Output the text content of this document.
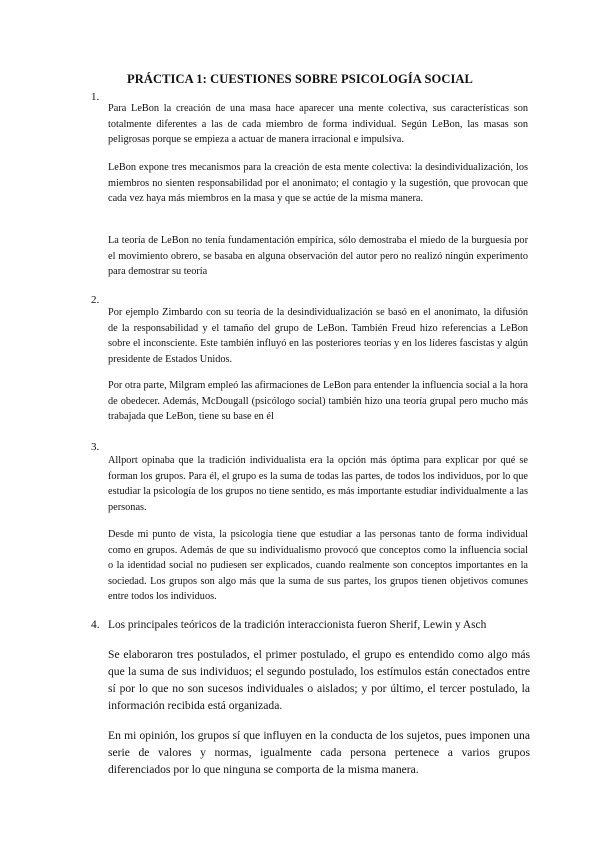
PRÁCTICA 1: CUESTIONES SOBRE PSICOLOGÍA SOCIAL
1.
Para LeBon la creación de una masa hace aparecer una mente colectiva, sus características son totalmente diferentes a las de cada miembro de forma individual. Según LeBon, las masas son peligrosas porque se empieza a actuar de manera irracional e impulsiva.
LeBon expone tres mecanismos para la creación de esta mente colectiva: la desindividualización, los miembros no sienten responsabilidad por el anonimato; el contagio y la sugestión, que provocan que cada vez haya más miembros en la masa y que se actúe de la misma manera.
La teoría de LeBon no tenía fundamentación empírica, sólo demostraba el miedo de la burguesía por el movimiento obrero, se basaba en alguna observación del autor pero no realizó ningún experimento para demostrar su teoría
2.
Por ejemplo Zimbardo con su teoría de la desindividualización se basó en el anonimato, la difusión de la responsabilidad y el tamaño del grupo de LeBon. También Freud hizo referencias a LeBon sobre el inconsciente. Este también influyó en las posteriores teorías y en los líderes fascistas y algún presidente de Estados Unidos.
Por otra parte, Milgram empleó las afirmaciones de LeBon para entender la influencia social a la hora de obedecer. Además, McDougall (psicólogo social) también hizo una teoría grupal pero mucho más trabajada que LeBon, tiene su base en él
3.
Allport opinaba que la tradición individualista era la opción más óptima para explicar por qué se forman los grupos. Para él, el grupo es la suma de todas las partes, de todos los individuos, por lo que estudiar la psicología de los grupos no tiene sentido, es más importante estudiar individualmente a las personas.
Desde mi punto de vista, la psicología tiene que estudiar a las personas tanto de forma individual como en grupos. Además de que su individualismo provocó que conceptos como la influencia social o la identidad social no pudiesen ser explicados, cuando realmente son conceptos importantes en la sociedad. Los grupos son algo más que la suma de sus partes, los grupos tienen objetivos comunes entre todos los individuos.
4. Los principales teóricos de la tradición interaccionista fueron Sherif, Lewin y Asch
Se elaboraron tres postulados, el primer postulado, el grupo es entendido como algo más que la suma de sus individuos; el segundo postulado, los estímulos están conectados entre sí por lo que no son sucesos individuales o aislados; y por último, el tercer postulado, la información recibida está organizada.
En mi opinión, los grupos sí que influyen en la conducta de los sujetos, pues imponen una serie de valores y normas, igualmente cada persona pertenece a varios grupos diferenciados por lo que ninguna se comporta de la misma manera.
